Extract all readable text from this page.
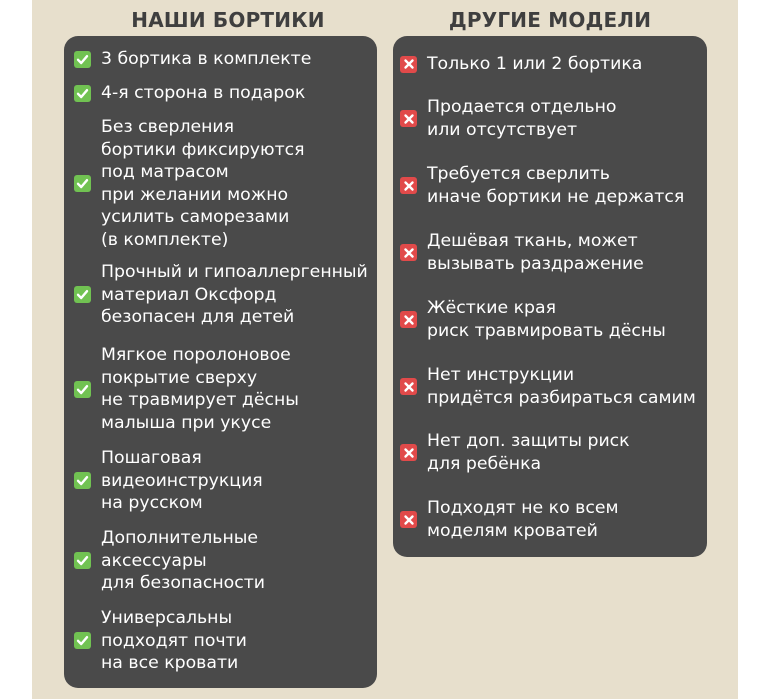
НАШИ БОРТИКИ	ДРУГИЕ МОДЕЛИ
3 бортика в комплекте
4-я сторона в подарок
Без сверления
бортики фиксируются
под матрасом
при желании можно
усилить саморезами
(в комплекте)
Прочный и гипоаллергенный
материал Оксфорд
безопасен для детей
Мягкое поролоновое
покрытие сверху
не травмирует дёсны
малыша при укусе
Пошаговая
видеоинструкция
на русском
Дополнительные
аксессуары
для безопасности
Универсальны
подходят почти
на все кровати
Только 1 или 2 бортика
Продается отдельно
или отсутствует
Требуется сверлить
иначе бортики не держатся
Дешёвая ткань, может
вызывать раздражение
Жёсткие края
риск травмировать дёсны
Нет инструкции
придётся разбираться самим
Нет доп. защиты риск
для ребёнка
Подходят не ко всем
моделям кроватей
